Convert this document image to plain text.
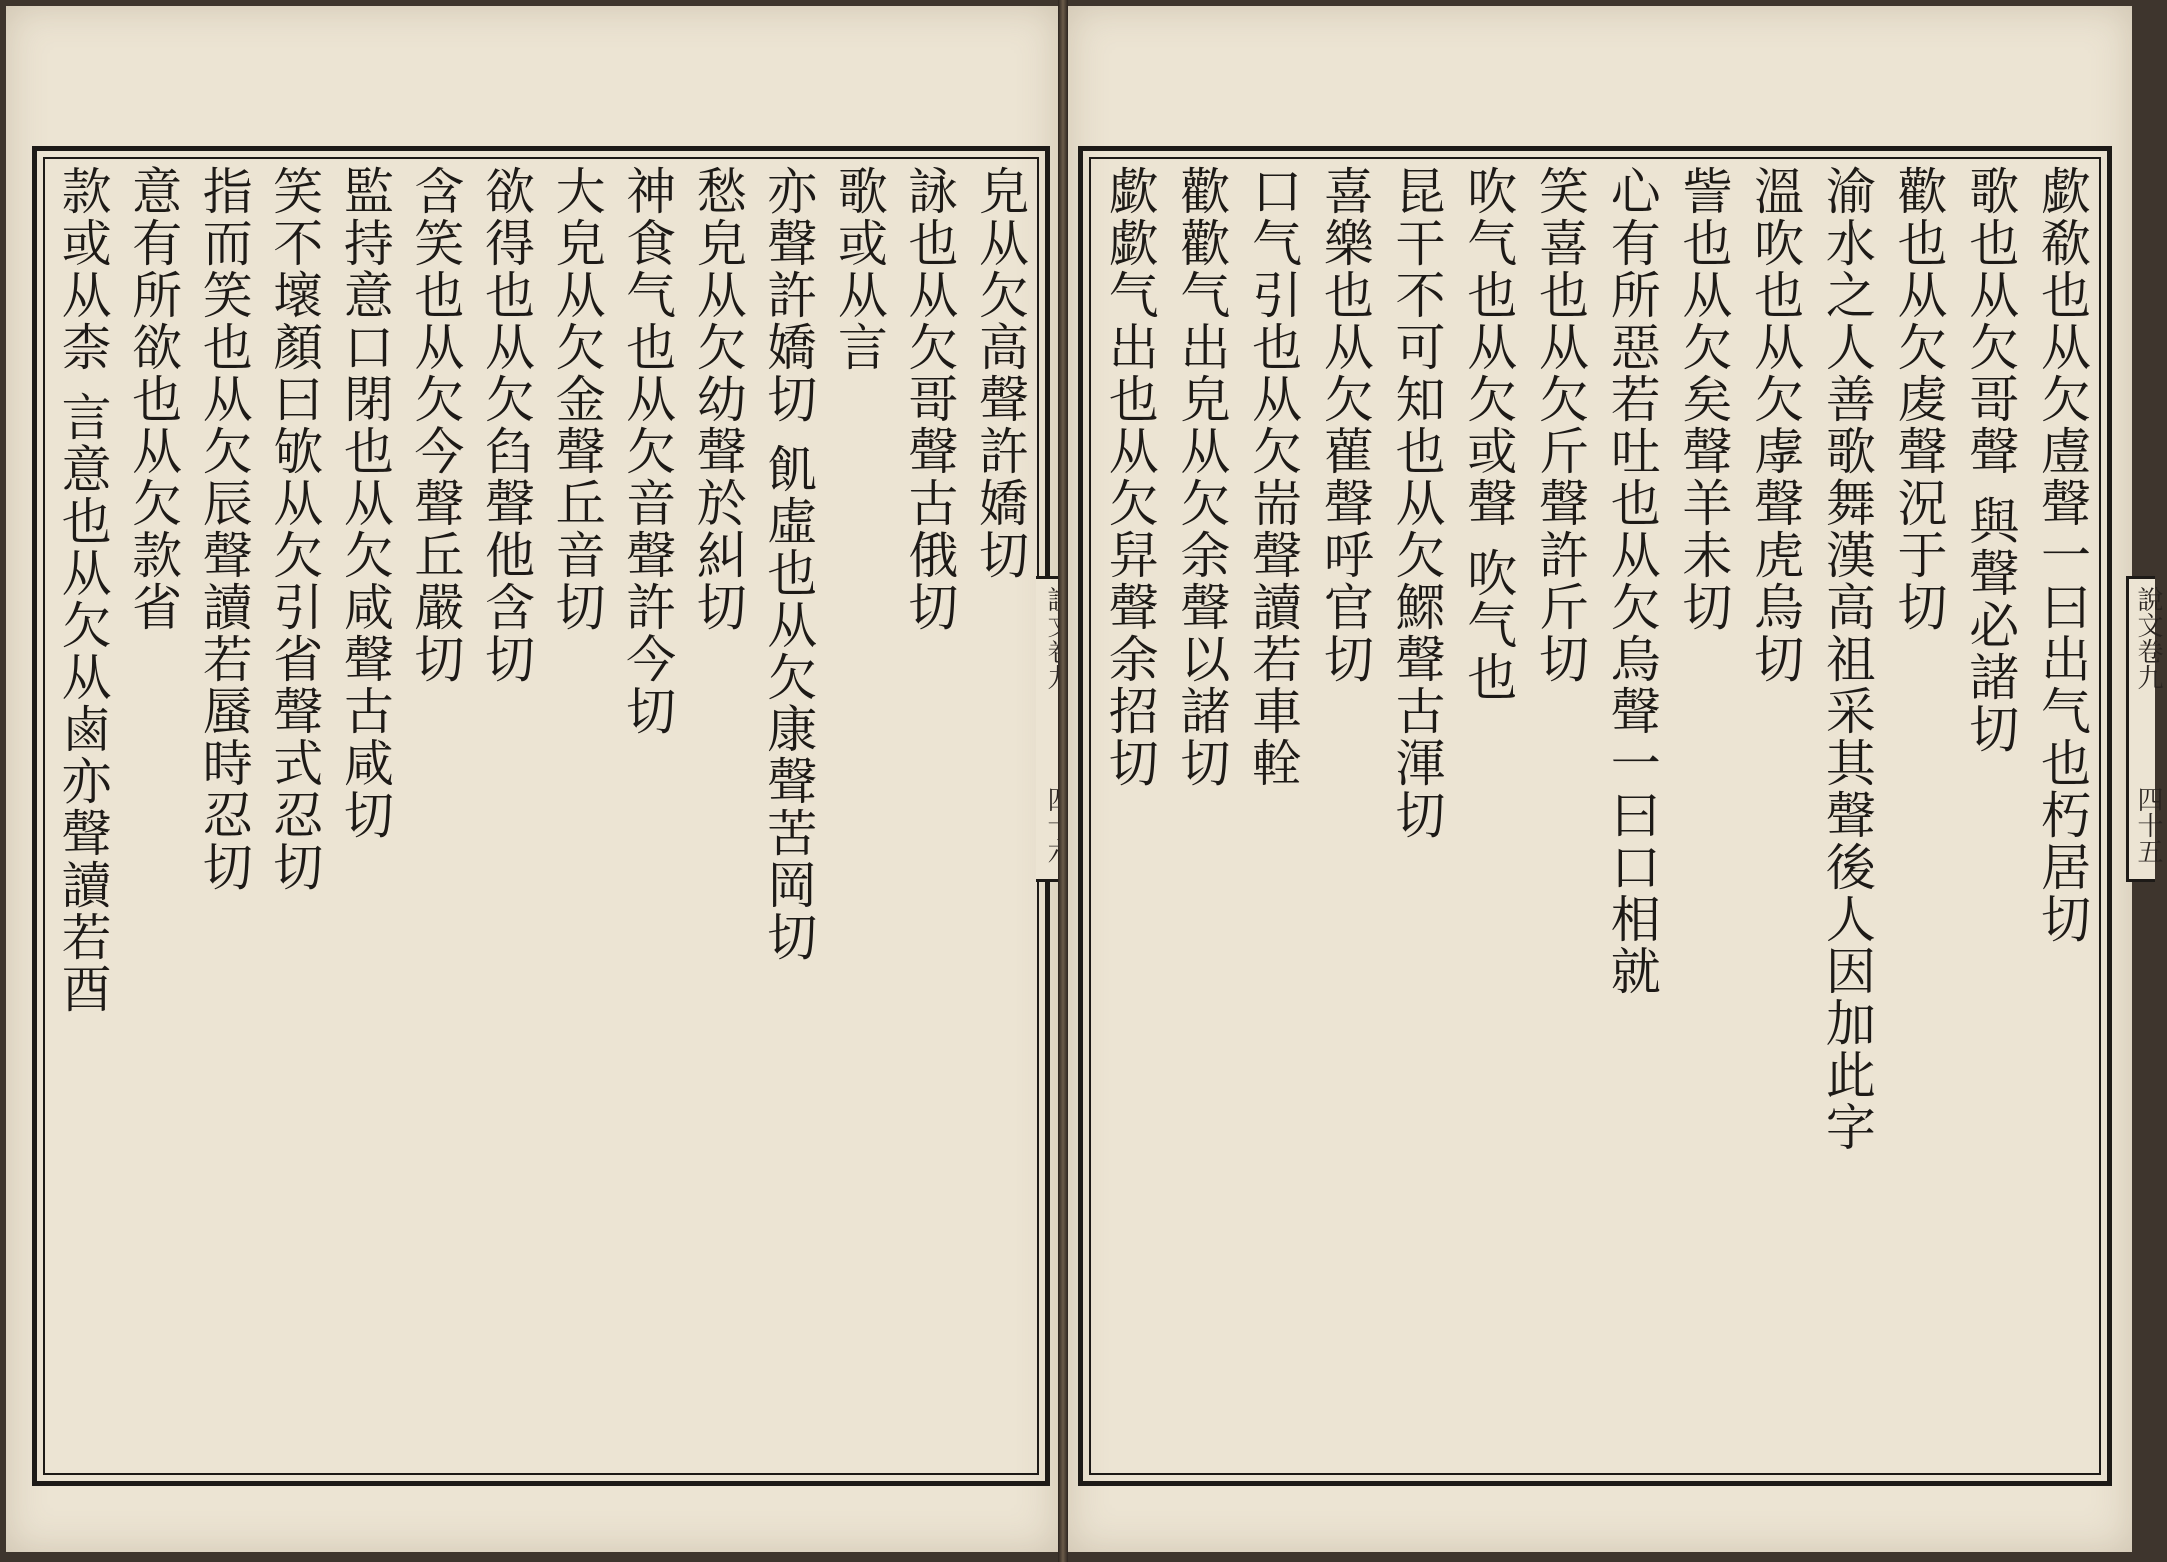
皃从欠高聲許嬌切
詠也从欠哥聲古俄切
歌或从言
亦聲許嬌切 飢虛也从欠康聲苦岡切
愁皃从欠幼聲於糾切
神食气也从欠音聲許今切
大皃从欠金聲丘音切
欲得也从欠臽聲他含切
含笑也从欠今聲丘嚴切
監持意口閉也从欠咸聲古咸切
笑不壞顏曰欨从欠引省聲式忍切
指而笑也从欠辰聲讀若蜃時忍切
意有所欲也从欠款省
款或从柰 言意也从欠从鹵亦聲讀若酉	歔欷也从欠䖒聲一曰出气也朽居切
歌也从欠哥聲 與聲必諸切
歡也从欠䖍聲況于切
渝水之人善歌舞漢高祖采其聲後人因加此字
溫吹也从欠虖聲虎烏切
訾也从欠矣聲羊未切
心有所惡若吐也从欠烏聲一曰口相就
笑喜也从欠斤聲許斤切
吹气也从欠或聲 吹气也
昆干不可知也从欠鰥聲古渾切
喜樂也从欠雚聲呼官切
口气引也从欠耑聲讀若車輇
歡歡气出皃从欠余聲以諸切
歔歔气出也从欠舁聲余招切	說文卷九
四十五
